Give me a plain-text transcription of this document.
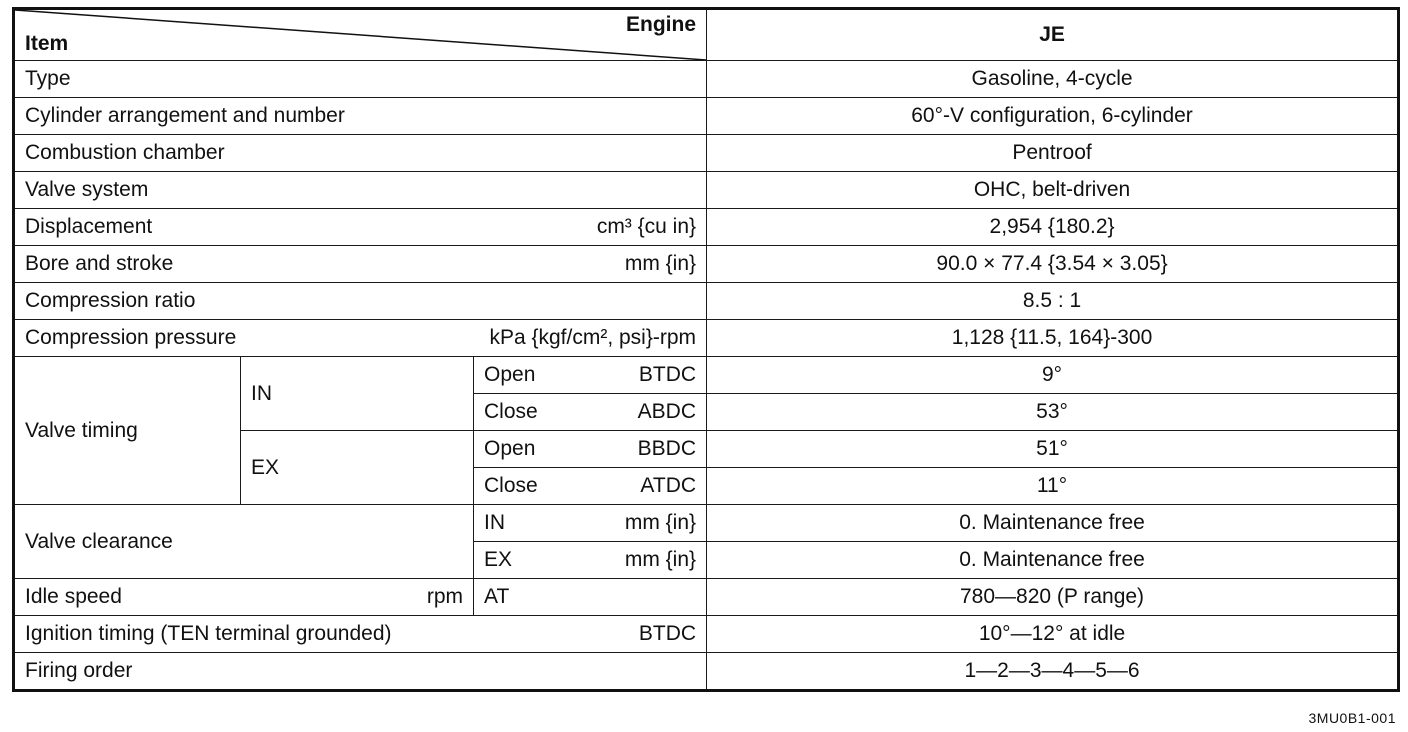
Item
Engine			JE
Type			Gasoline, 4-cycle
Cylinder arrangement and number			60°-V configuration, 6-cylinder
Combustion chamber			Pentroof
Valve system			OHC, belt-driven

Displacement cm³ {cu in}			2,954 {180.2}

Bore and stroke mm {in}			90.0 × 77.4 {3.54 × 3.05}
Compression ratio			8.5 : 1

Compression pressure kPa {kgf/cm², psi}-rpm			1,128 {11.5, 164}-300
Valve timing	IN	Open BTDC	9°

		Close ABDC	53°
	EX	Open BBDC	51°

		Close ATDC	11°
Valve clearance		IN mm {in}	0. Maintenance free

		EX mm {in}	0. Maintenance free

Idle speed rpm		AT	780—820 (P range)

Ignition timing (TEN terminal grounded) BTDC			10°—12° at idle
Firing order			1—2—3—4—5—6
3MU0B1-001
